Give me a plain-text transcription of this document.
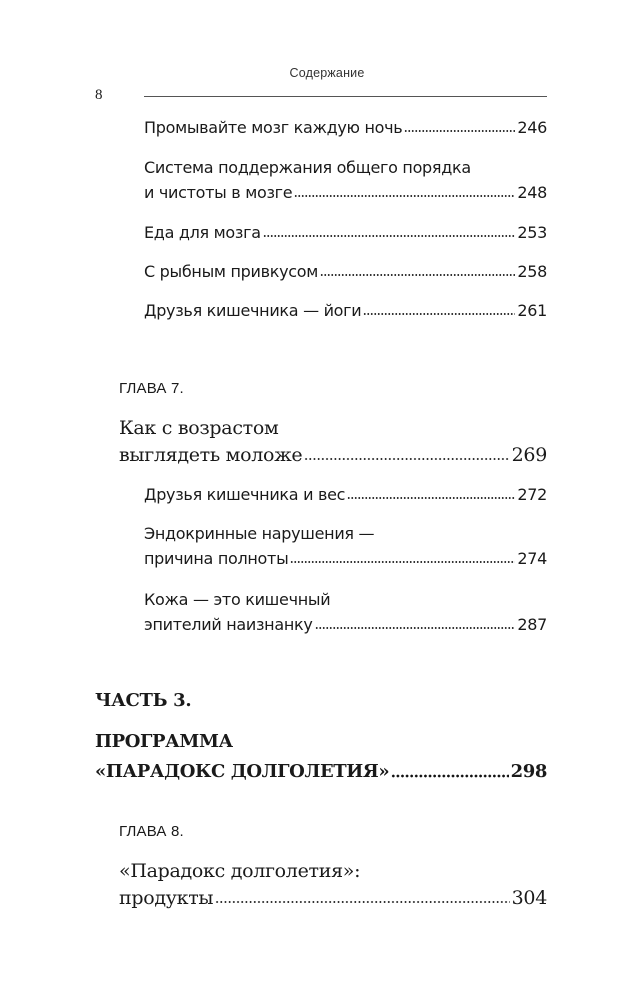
Содержание
8
Промывайте мозг каждую ночь	246
Система поддержания общего порядка
и чистоты в мозге	248
Еда для мозга	253
С рыбным привкусом	258
Друзья кишечника — йоги	261
ГЛАВА 7.
Как с возрастом
выглядеть моложе	269
Друзья кишечника и вес	272
Эндокринные нарушения —
причина полноты	274
Кожа — это кишечный
эпителий наизнанку	287
ЧАСТЬ 3.
ПРОГРАММА
«ПАРАДОКС ДОЛГОЛЕТИЯ»	298
ГЛАВА 8.
«Парадокс долголетия»:
продукты	304
